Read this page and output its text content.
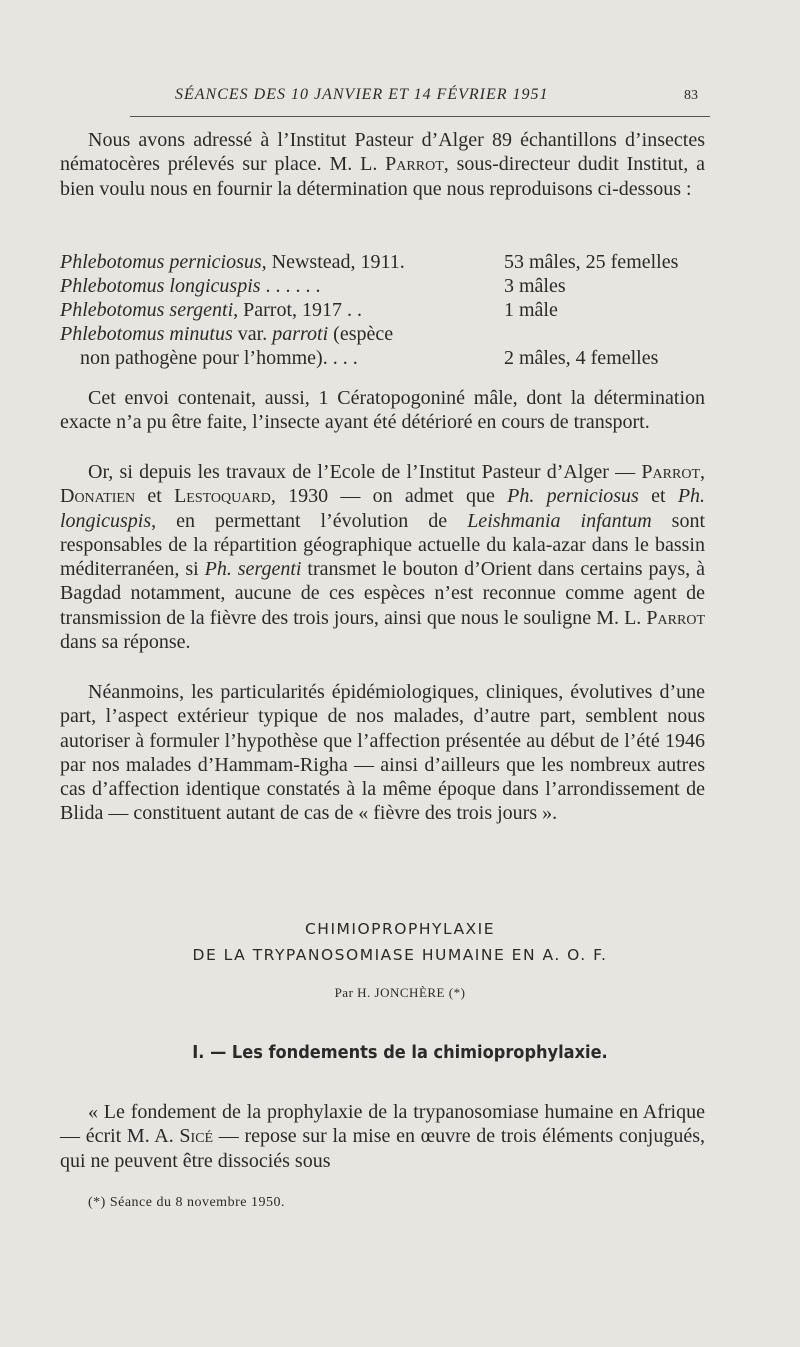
SÉANCES DES 10 JANVIER ET 14 FÉVRIER 1951	83

Nous avons adressé à l’Institut Pasteur d’Alger 89 échantillons d’insectes nématocères prélevés sur place. M. L. Parrot, sous-directeur dudit Institut, a bien voulu nous en fournir la détermination que nous reproduisons ci-dessous :

Phlebotomus perniciosus, Newstead, 1911.	53 mâles, 25 femelles
Phlebotomus longicuspis . . . . . .	3 mâles
Phlebotomus sergenti, Parrot, 1917 . .	1 mâle
Phlebotomus minutus var. parroti (espèce
non pathogène pour l’homme). . . .	2 mâles, 4 femelles

Cet envoi contenait, aussi, 1 Cératopogoniné mâle, dont la détermination exacte n’a pu être faite, l’insecte ayant été détérioré en cours de transport.

Or, si depuis les travaux de l’Ecole de l’Institut Pasteur d’Alger — Parrot, Donatien et Lestoquard, 1930 — on admet que Ph. perniciosus et Ph. longicuspis, en permettant l’évolution de Leishmania infantum sont responsables de la répartition géographique actuelle du kala-azar dans le bassin méditerranéen, si Ph. sergenti transmet le bouton d’Orient dans certains pays, à Bagdad notamment, aucune de ces espèces n’est reconnue comme agent de transmission de la fièvre des trois jours, ainsi que nous le souligne M. L. Parrot dans sa réponse.

Néanmoins, les particularités épidémiologiques, cliniques, évolutives d’une part, l’aspect extérieur typique de nos malades, d’autre part, semblent nous autoriser à formuler l’hypothèse que l’affection présentée au début de l’été 1946 par nos malades d’Hammam-Righa — ainsi d’ailleurs que les nombreux autres cas d’affection identique constatés à la même époque dans l’arrondissement de Blida — constituent autant de cas de « fièvre des trois jours ».

CHIMIOPROPHYLAXIE
DE LA TRYPANOSOMIASE HUMAINE EN A. O. F.
Par H. JONCHÈRE (*)
I. — Les fondements de la chimioprophylaxie.

« Le fondement de la prophylaxie de la trypanosomiase humaine en Afrique — écrit M. A. Sicé — repose sur la mise en œuvre de trois éléments conjugués, qui ne peuvent être dissociés sous

(*) Séance du 8 novembre 1950.
